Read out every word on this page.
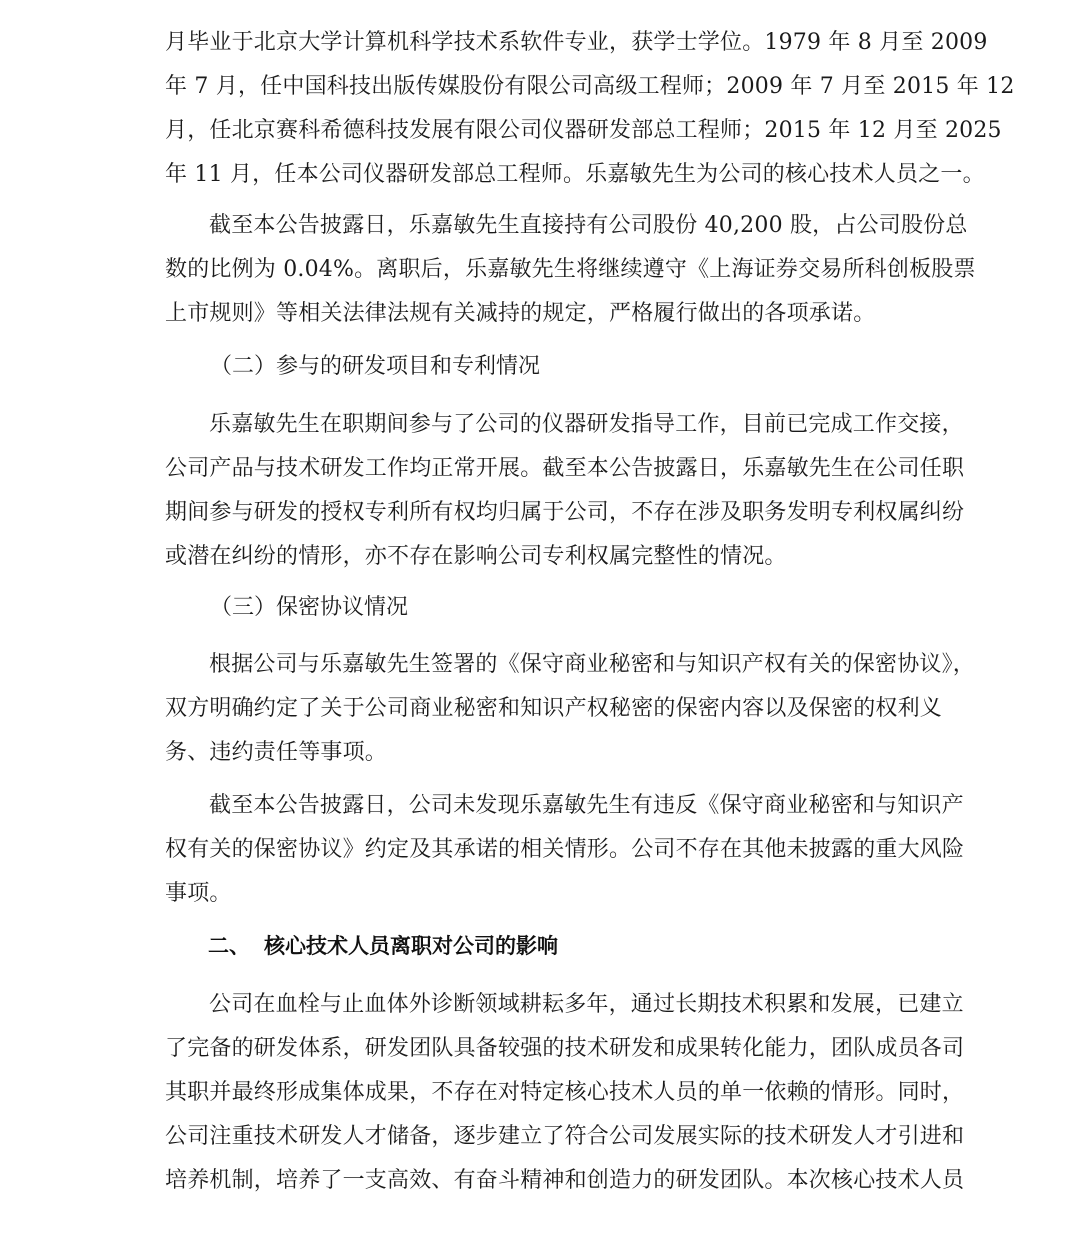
月毕业于北京大学计算机科学技术系软件专业，获学士学位。1979 年 8 月至 2009
年 7 月，任中国科技出版传媒股份有限公司高级工程师；2009 年 7 月至 2015 年 12
月，任北京赛科希德科技发展有限公司仪器研发部总工程师；2015 年 12 月至 2025
年 11 月，任本公司仪器研发部总工程师。乐嘉敏先生为公司的核心技术人员之一。
截至本公告披露日，乐嘉敏先生直接持有公司股份 40,200 股，占公司股份总
数的比例为 0.04%。离职后，乐嘉敏先生将继续遵守《上海证券交易所科创板股票
上市规则》等相关法律法规有关减持的规定，严格履行做出的各项承诺。
（二）参与的研发项目和专利情况
乐嘉敏先生在职期间参与了公司的仪器研发指导工作，目前已完成工作交接，
公司产品与技术研发工作均正常开展。截至本公告披露日，乐嘉敏先生在公司任职
期间参与研发的授权专利所有权均归属于公司，不存在涉及职务发明专利权属纠纷
或潜在纠纷的情形，亦不存在影响公司专利权属完整性的情况。
（三）保密协议情况
根据公司与乐嘉敏先生签署的《保守商业秘密和与知识产权有关的保密协议》，
双方明确约定了关于公司商业秘密和知识产权秘密的保密内容以及保密的权利义
务、违约责任等事项。
截至本公告披露日，公司未发现乐嘉敏先生有违反《保守商业秘密和与知识产
权有关的保密协议》约定及其承诺的相关情形。公司不存在其他未披露的重大风险
事项。
二、 核心技术人员离职对公司的影响
公司在血栓与止血体外诊断领域耕耘多年，通过长期技术积累和发展，已建立
了完备的研发体系，研发团队具备较强的技术研发和成果转化能力，团队成员各司
其职并最终形成集体成果，不存在对特定核心技术人员的单一依赖的情形。同时，
公司注重技术研发人才储备，逐步建立了符合公司发展实际的技术研发人才引进和
培养机制，培养了一支高效、有奋斗精神和创造力的研发团队。本次核心技术人员
